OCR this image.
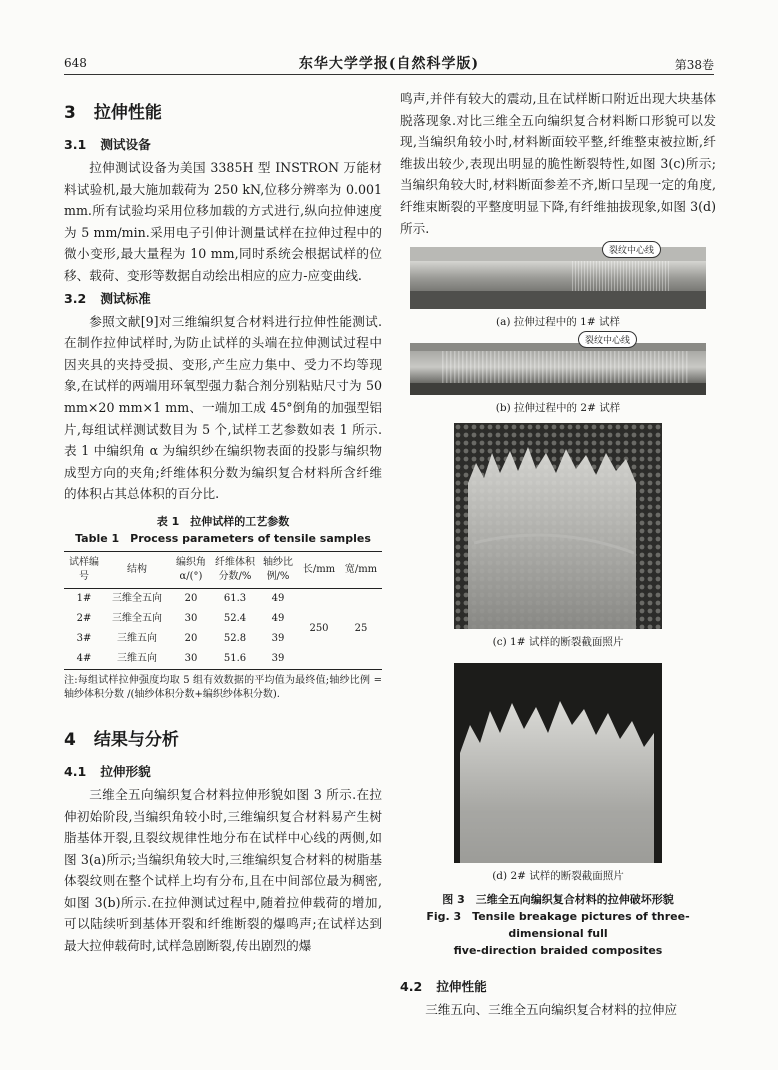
648	东华大学学报(自然科学版)	第38卷
3 拉伸性能
3.1 测试设备

拉伸测试设备为美国 3385H 型 INSTRON 万能材料试验机,最大施加载荷为 250 kN,位移分辨率为 0.001 mm.所有试验均采用位移加载的方式进行,纵向拉伸速度为 5 mm/min.采用电子引伸计测量试样在拉伸过程中的微小变形,最大量程为 10 mm,同时系统会根据试样的位移、载荷、变形等数据自动绘出相应的应力-应变曲线.

3.2 测试标准

参照文献[9]对三维编织复合材料进行拉伸性能测试.在制作拉伸试样时,为防止试样的头端在拉伸测试过程中因夹具的夹持受损、变形,产生应力集中、受力不均等现象,在试样的两端用环氧型强力黏合剂分别粘贴尺寸为 50 mm×20 mm×1 mm、一端加工成 45°倒角的加强型铝片,每组试样测试数目为 5 个,试样工艺参数如表 1 所示.表 1 中编织角 α 为编织纱在编织物表面的投影与编织物成型方向的夹角;纤维体积分数为编织复合材料所含纤维的体积占其总体积的百分比.

表 1　拉伸试样的工艺参数
Table 1　Process parameters of tensile samples
试样编号	结构	编织角 α/(°)	纤维体积分数/%	轴纱比例/%	长/mm	宽/mm
1#	三维全五向	20	61.3	49	250	25
2#	三维全五向	30	52.4	49		
3#	三维五向	20	52.8	39		
4#	三维五向	30	51.6	39		
注:每组试样拉伸强度均取 5 组有效数据的平均值为最终值;轴纱比例 = 轴纱体积分数 /(轴纱体积分数+编织纱体积分数).
4 结果与分析
4.1 拉伸形貌

三维全五向编织复合材料拉伸形貌如图 3 所示.在拉伸初始阶段,当编织角较小时,三维编织复合材料易产生树脂基体开裂,且裂纹规律性地分布在试样中心线的两侧,如图 3(a)所示;当编织角较大时,三维编织复合材料的树脂基体裂纹则在整个试样上均有分布,且在中间部位最为稠密,如图 3(b)所示.在拉伸测试过程中,随着拉伸载荷的增加,可以陆续听到基体开裂和纤维断裂的爆鸣声;在试样达到最大拉伸载荷时,试样急剧断裂,传出剧烈的爆

鸣声,并伴有较大的震动,且在试样断口附近出现大块基体脱落现象.对比三维全五向编织复合材料断口形貌可以发现,当编织角较小时,材料断面较平整,纤维整束被拉断,纤维拔出较少,表现出明显的脆性断裂特性,如图 3(c)所示;当编织角较大时,材料断面参差不齐,断口呈现一定的角度,纤维束断裂的平整度明显下降,有纤维抽拔现象,如图 3(d)所示.

裂纹中心线
(a) 拉伸过程中的 1# 试样
裂纹中心线
(b) 拉伸过程中的 2# 试样
(c) 1# 试样的断裂截面照片
(d) 2# 试样的断裂截面照片
图 3　三维全五向编织复合材料的拉伸破坏形貌
Fig. 3　Tensile breakage pictures of three-dimensional full
five-direction braided composites
4.2 拉伸性能

三维五向、三维全五向编织复合材料的拉伸应
